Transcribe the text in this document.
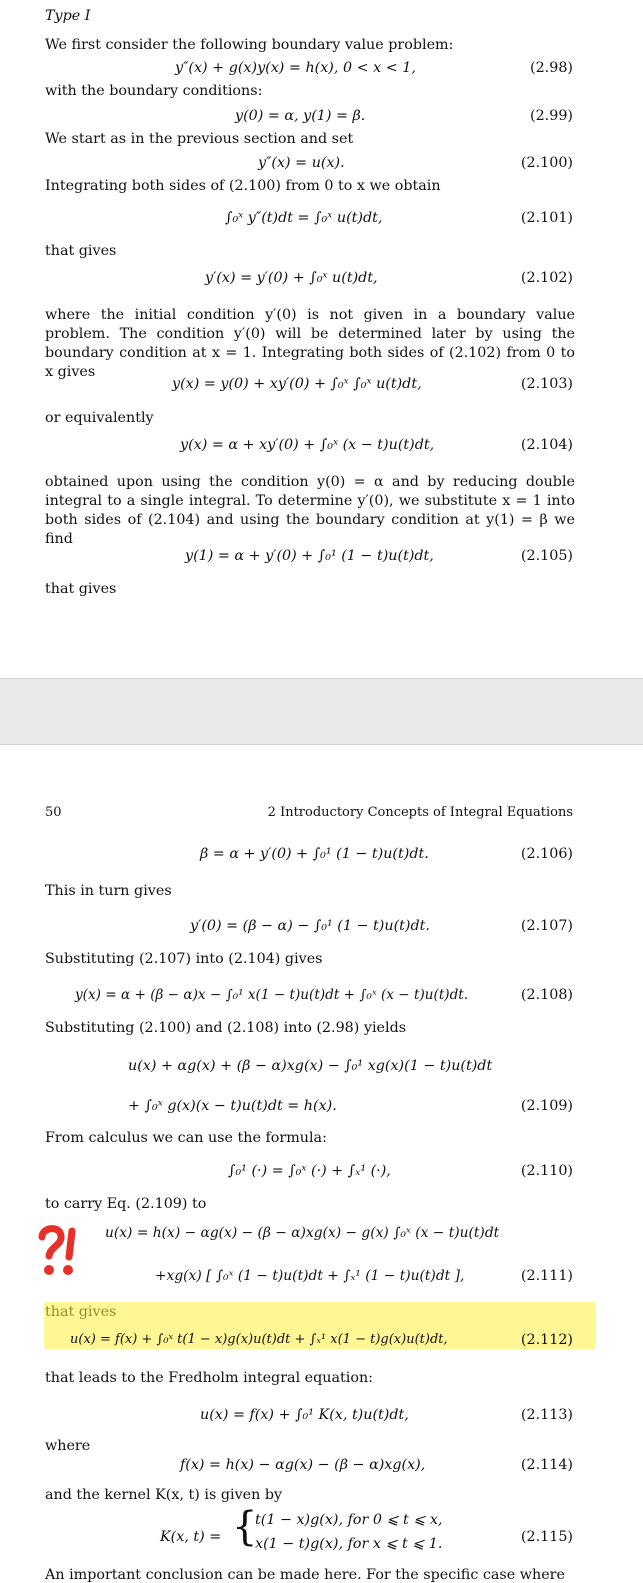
Type I
We first consider the following boundary value problem:
y″(x) + g(x)y(x) = h(x), 0 < x < 1,	(2.98)
with the boundary conditions:
y(0) = α, y(1) = β.	(2.99)
We start as in the previous section and set
y″(x) = u(x).	(2.100)
Integrating both sides of (2.100) from 0 to x we obtain
∫₀ˣ y″(t)dt = ∫₀ˣ u(t)dt,	(2.101)
that gives
y′(x) = y′(0) + ∫₀ˣ u(t)dt,	(2.102)
where the initial condition y′(0) is not given in a boundary value problem. The condition y′(0) will be determined later by using the boundary condition at x = 1. Integrating both sides of (2.102) from 0 to x gives
y(x) = y(0) + xy′(0) + ∫₀ˣ ∫₀ˣ u(t)dt,	(2.103)
or equivalently
y(x) = α + xy′(0) + ∫₀ˣ (x − t)u(t)dt,	(2.104)
obtained upon using the condition y(0) = α and by reducing double integral to a single integral. To determine y′(0), we substitute x = 1 into both sides of (2.104) and using the boundary condition at y(1) = β we find
y(1) = α + y′(0) + ∫₀¹ (1 − t)u(t)dt,	(2.105)
that gives
50	2 Introductory Concepts of Integral Equations
β = α + y′(0) + ∫₀¹ (1 − t)u(t)dt.	(2.106)
This in turn gives
y′(0) = (β − α) − ∫₀¹ (1 − t)u(t)dt.	(2.107)
Substituting (2.107) into (2.104) gives
y(x) = α + (β − α)x − ∫₀¹ x(1 − t)u(t)dt + ∫₀ˣ (x − t)u(t)dt.	(2.108)
Substituting (2.100) and (2.108) into (2.98) yields
u(x) + αg(x) + (β − α)xg(x) − ∫₀¹ xg(x)(1 − t)u(t)dt
+ ∫₀ˣ g(x)(x − t)u(t)dt = h(x).	(2.109)
From calculus we can use the formula:
∫₀¹ (·) = ∫₀ˣ (·) + ∫ₓ¹ (·),	(2.110)
to carry Eq. (2.109) to
u(x) = h(x) − αg(x) − (β − α)xg(x) − g(x) ∫₀ˣ (x − t)u(t)dt
+xg(x) [ ∫₀ˣ (1 − t)u(t)dt + ∫ₓ¹ (1 − t)u(t)dt ],	(2.111)
u(x) = f(x) + ∫₀ˣ t(1 − x)g(x)u(t)dt + ∫ₓ¹ x(1 − t)g(x)u(t)dt,	(2.112)
that leads to the Fredholm integral equation:
u(x) = f(x) + ∫₀¹ K(x, t)u(t)dt,	(2.113)
where
f(x) = h(x) − αg(x) − (β − α)xg(x),	(2.114)
and the kernel K(x, t) is given by
K(x, t) = {
t(1 − x)g(x), for 0 ⩽ t ⩽ x,
x(1 − t)g(x), for x ⩽ t ⩽ 1.	(2.115)
An important conclusion can be made here. For the specific case where
